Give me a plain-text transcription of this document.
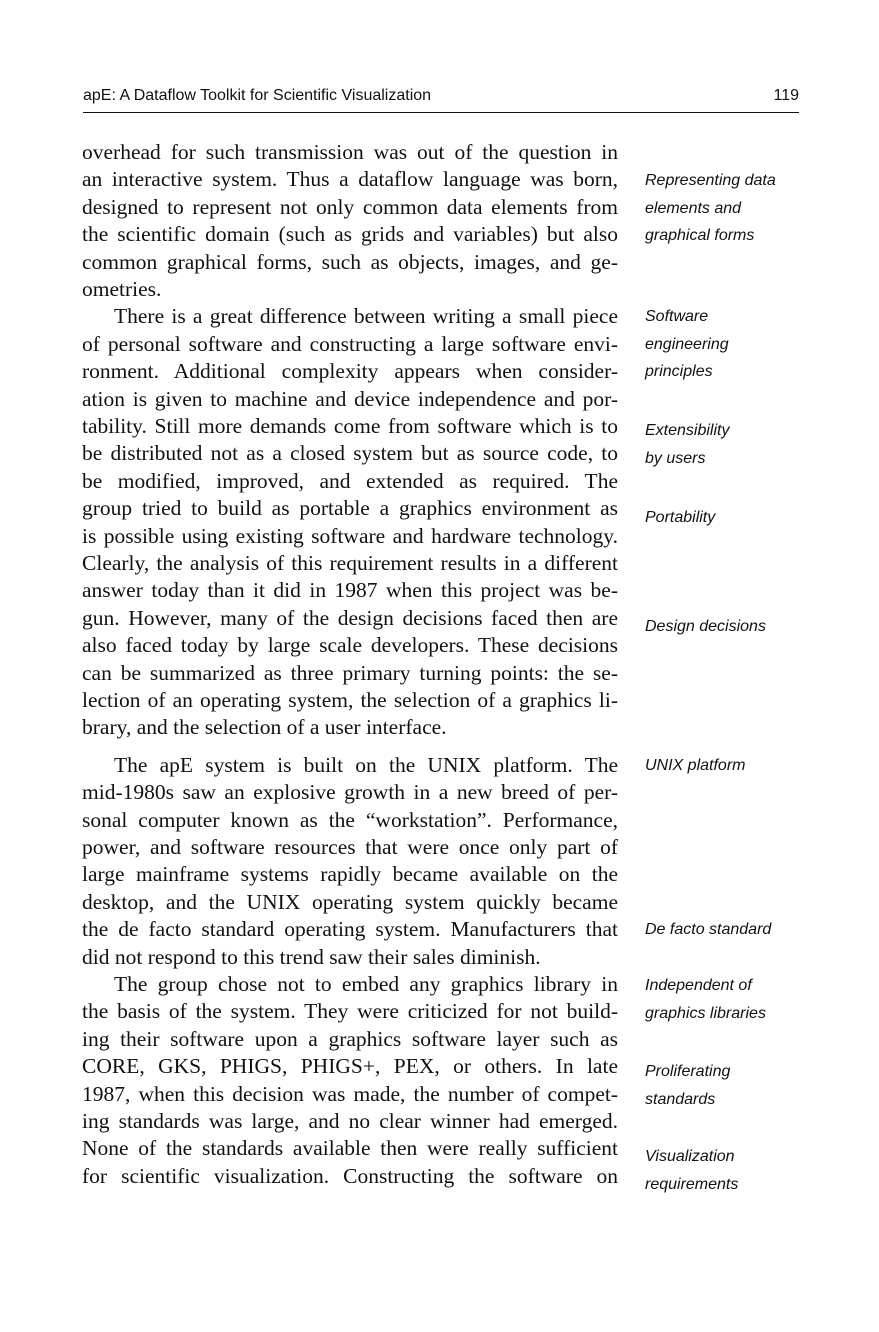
apE: A Dataflow Toolkit for Scientific Visualization	119
overhead for such transmission was out of the question in
an interactive system. Thus a dataflow language was born,
designed to represent not only common data elements from
the scientific domain (such as grids and variables) but also
common graphical forms, such as objects, images, and ge-
ometries.
There is a great difference between writing a small piece
of personal software and constructing a large software envi-
ronment. Additional complexity appears when consider-
ation is given to machine and device independence and por-
tability. Still more demands come from software which is to
be distributed not as a closed system but as source code, to
be modified, improved, and extended as required. The
group tried to build as portable a graphics environment as
is possible using existing software and hardware technology.
Clearly, the analysis of this requirement results in a different
answer today than it did in 1987 when this project was be-
gun. However, many of the design decisions faced then are
also faced today by large scale developers. These decisions
can be summarized as three primary turning points: the se-
lection of an operating system, the selection of a graphics li-
brary, and the selection of a user interface.
The apE system is built on the UNIX platform. The
mid-1980s saw an explosive growth in a new breed of per-
sonal computer known as the “workstation”. Performance,
power, and software resources that were once only part of
large mainframe systems rapidly became available on the
desktop, and the UNIX operating system quickly became
the de facto standard operating system. Manufacturers that
did not respond to this trend saw their sales diminish.
The group chose not to embed any graphics library in
the basis of the system. They were criticized for not build-
ing their software upon a graphics software layer such as
CORE, GKS, PHIGS, PHIGS+, PEX, or others. In late
1987, when this decision was made, the number of compet-
ing standards was large, and no clear winner had emerged.
None of the standards available then were really sufficient
for scientific visualization. Constructing the software on
Representing data
elements and
graphical forms
Software
engineering
principles
Extensibility
by users
Portability
Design decisions
UNIX platform
De facto standard
Independent of
graphics libraries
Proliferating
standards
Visualization
requirements
